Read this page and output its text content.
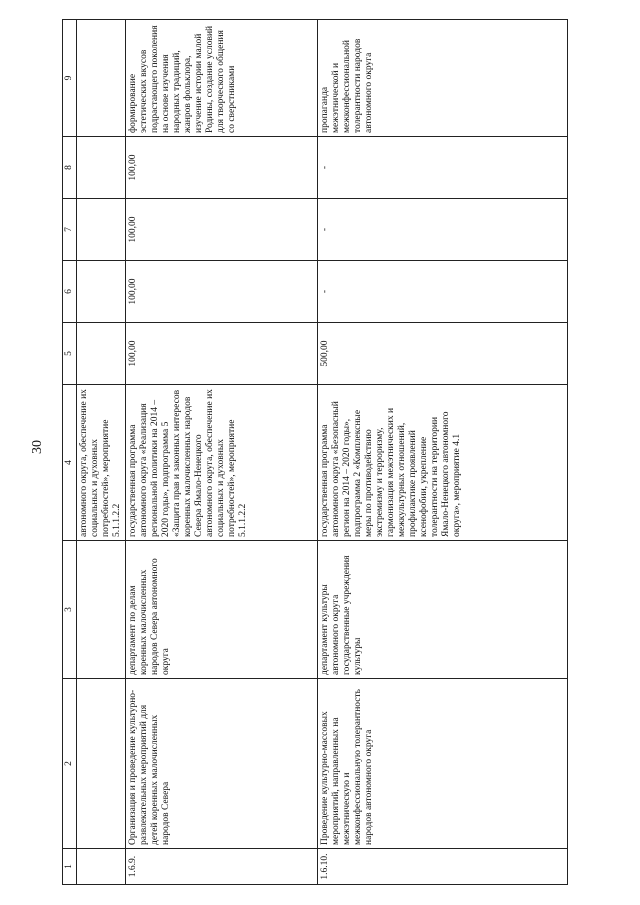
30
1	2	3	4	5	6	7	8	9
			автономного округа, обеспечение их социальных и духовных потребностей», мероприятие 5.1.1.2.2					
1.6.9.	Организация и проведение культурно-развлекательных мероприятий для детей коренных малочисленных народов Севера	департамент по делам коренных малочисленных народов Севера автономного округа	государственная программа автономного округа «Реализация региональной политики на 2014 – 2020 годы», подпрограмма 5 «Защита прав и законных интересов коренных малочисленных народов Севера Ямало-Ненецкого автономного округа, обеспечение их социальных и духовных потребностей», мероприятие 5.1.1.2.2	100,00	100,00	100,00	100,00	формирование эстетических вкусов подрастающего поколения на основе изучения народных традиций, жанров фольклора, изучение истории малой Родины, создание условий для творческого общения со сверстниками
1.6.10.	Проведение культурно-массовых мероприятий, направленных на межэтническую и межконфессиональную толерантность народов автономного округа	департамент культуры автономного округа государственные учреждения культуры	государственная программа автономного округа «Безопасный регион на 2014 – 2020 годы», подпрограмма 2 «Комплексные меры по противодействию экстремизму и терроризму, гармонизация межэтнических и межкультурных отношений, профилактике проявлений ксенофобии, укрепление толерантности на территории Ямало-Ненецкого автономного округа», мероприятие 4.1	500,00	-	-	-	пропаганда межэтнической и межконфессиональной толерантности народов автономного округа
